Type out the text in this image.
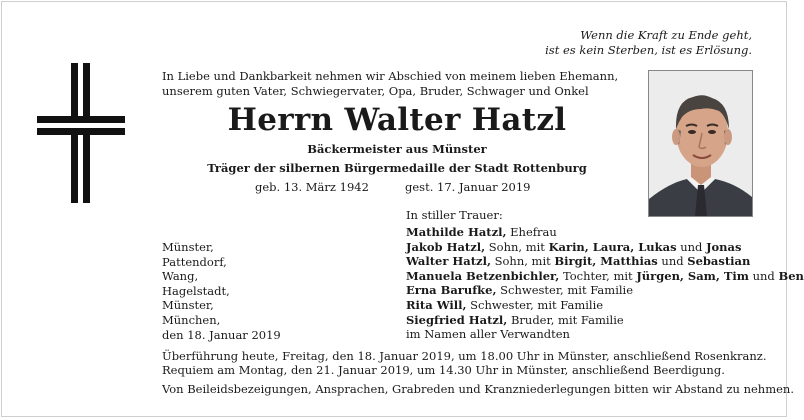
Wenn die Kraft zu Ende geht,
ist es kein Sterben, ist es Erlösung.
In Liebe und Dankbarkeit nehmen wir Abschied von meinem lieben Ehemann,
unserem guten Vater, Schwiegervater, Opa, Bruder, Schwager und Onkel
Herrn Walter Hatzl
Bäckermeister aus Münster
Träger der silbernen Bürgermedaille der Stadt Rottenburg
geb. 13. März 1942	gest. 17. Januar 2019
In stiller Trauer:
Münster,
Pattendorf,
Wang,
Hagelstadt,
Münster,
München,
den 18. Januar 2019
Mathilde Hatzl, Ehefrau
Jakob Hatzl, Sohn, mit Karin, Laura, Lukas und Jonas
Walter Hatzl, Sohn, mit Birgit, Matthias und Sebastian
Manuela Betzenbichler, Tochter, mit Jürgen, Sam, Tim und Ben
Erna Barufke, Schwester, mit Familie
Rita Will, Schwester, mit Familie
Siegfried Hatzl, Bruder, mit Familie
im Namen aller Verwandten
Überführung heute, Freitag, den 18. Januar 2019, um 18.00 Uhr in Münster, anschließend Rosenkranz.
Requiem am Montag, den 21. Januar 2019, um 14.30 Uhr in Münster, anschließend Beerdigung.
Von Beileidsbezeigungen, Ansprachen, Grabreden und Kranzniederlegungen bitten wir Abstand zu nehmen.
